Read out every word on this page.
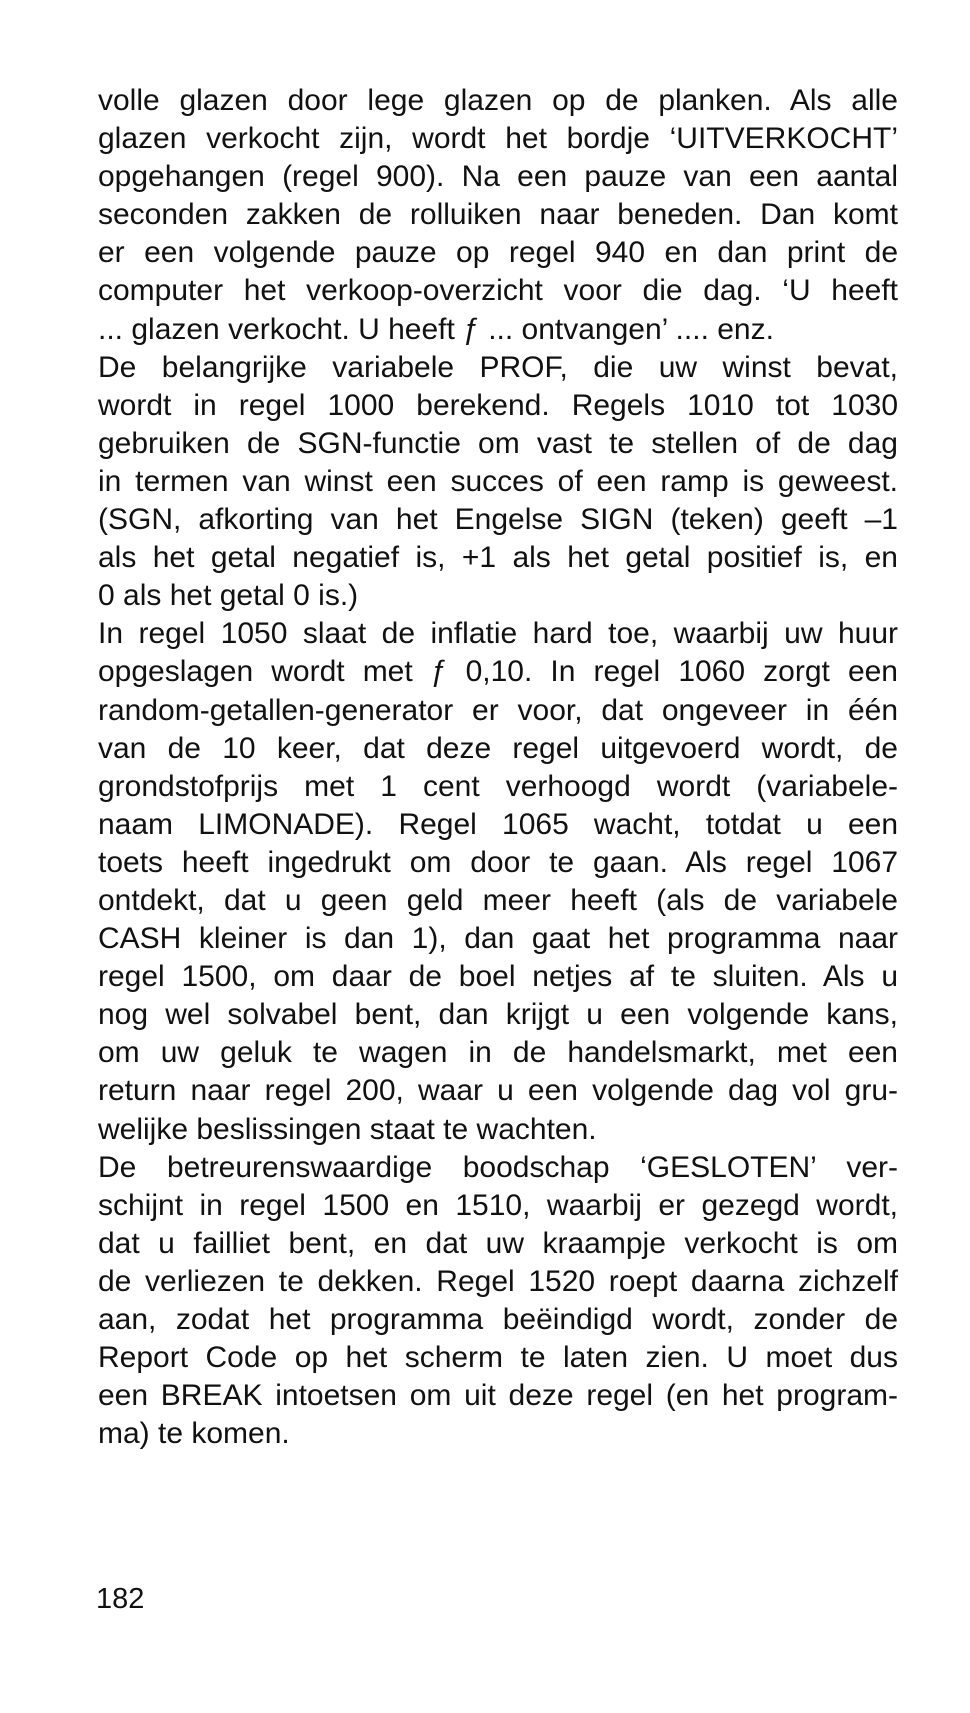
volle glazen door lege glazen op de planken. Als alle
glazen verkocht zijn, wordt het bordje ‘UITVERKOCHT’
opgehangen (regel 900). Na een pauze van een aantal
seconden zakken de rolluiken naar beneden. Dan komt
er een volgende pauze op regel 940 en dan print de
computer het verkoop-overzicht voor die dag. ‘U heeft
... glazen verkocht. U heeft ƒ ... ontvangen’ .... enz.
De belangrijke variabele PROF, die uw winst bevat,
wordt in regel 1000 berekend. Regels 1010 tot 1030
gebruiken de SGN-functie om vast te stellen of de dag
in termen van winst een succes of een ramp is geweest.
(SGN, afkorting van het Engelse SIGN (teken) geeft –1
als het getal negatief is, +1 als het getal positief is, en
0 als het getal 0 is.)
In regel 1050 slaat de inflatie hard toe, waarbij uw huur
opgeslagen wordt met ƒ 0,10. In regel 1060 zorgt een
random-getallen-generator er voor, dat ongeveer in één
van de 10 keer, dat deze regel uitgevoerd wordt, de
grondstofprijs met 1 cent verhoogd wordt (variabele-
naam LIMONADE). Regel 1065 wacht, totdat u een
toets heeft ingedrukt om door te gaan. Als regel 1067
ontdekt, dat u geen geld meer heeft (als de variabele
CASH kleiner is dan 1), dan gaat het programma naar
regel 1500, om daar de boel netjes af te sluiten. Als u
nog wel solvabel bent, dan krijgt u een volgende kans,
om uw geluk te wagen in de handelsmarkt, met een
return naar regel 200, waar u een volgende dag vol gru-
welijke beslissingen staat te wachten.
De betreurenswaardige boodschap ‘GESLOTEN’ ver-
schijnt in regel 1500 en 1510, waarbij er gezegd wordt,
dat u failliet bent, en dat uw kraampje verkocht is om
de verliezen te dekken. Regel 1520 roept daarna zichzelf
aan, zodat het programma beëindigd wordt, zonder de
Report Code op het scherm te laten zien. U moet dus
een BREAK intoetsen om uit deze regel (en het program-
ma) te komen.
182
